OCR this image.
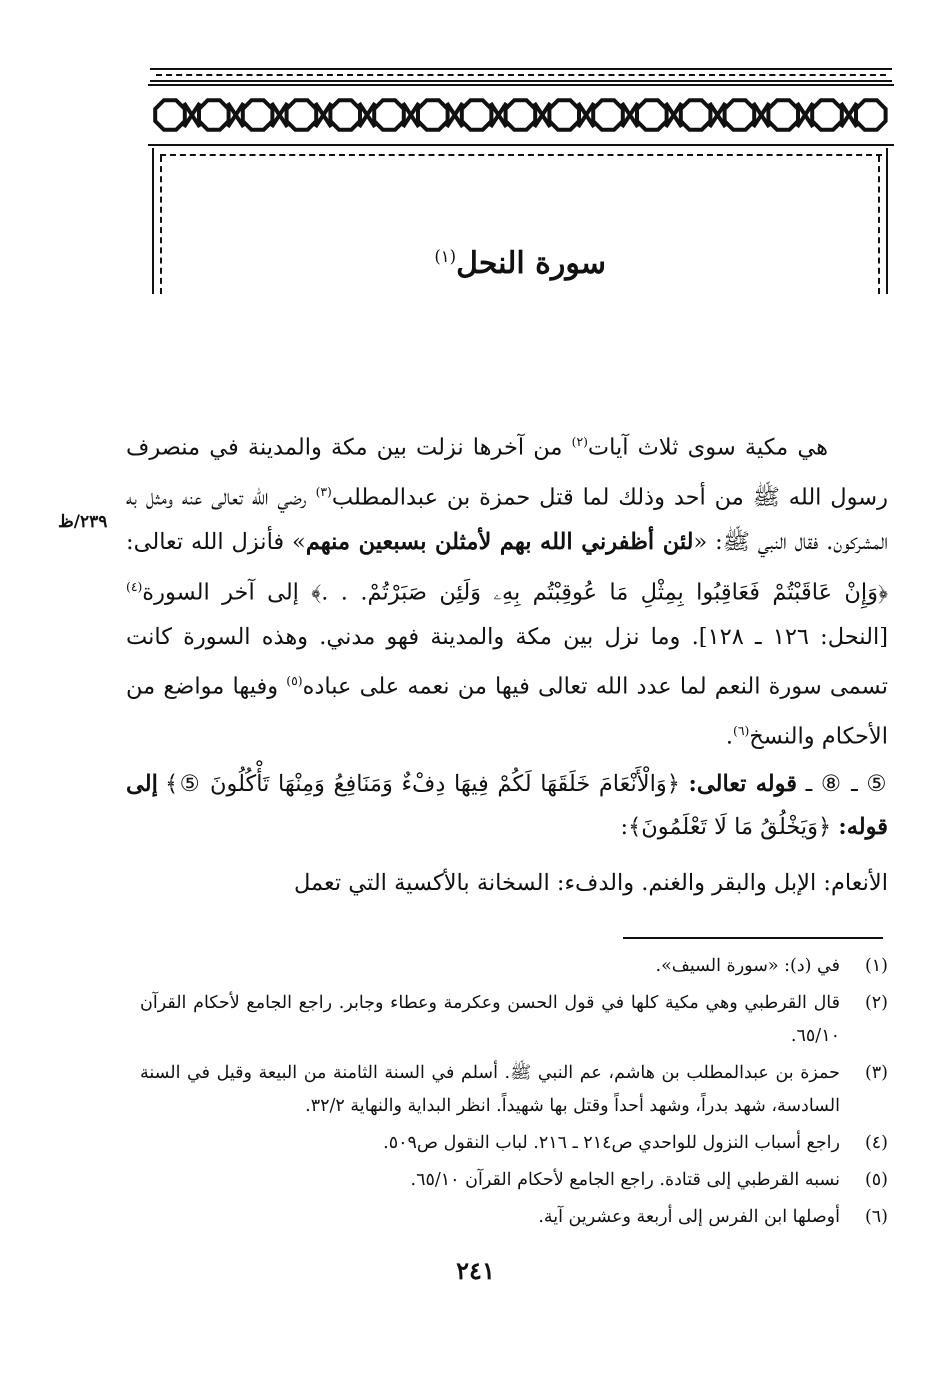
سورة النحل$^{(١)}$
٢٣٩/ظ

هي مكية سوى ثلاث آيات$^{(٢)}$ من آخرها نزلت بين مكة والمدينة في منصرف رسول الله ﷺ من أحد وذلك لما قتل حمزة بن عبدالمطلب$^{(٣)}$ رضي الله تعالى عنه ومثل به المشركون. فقال النبي ﷺ: «لئن أظفرني الله بهم لأمثلن بسبعين منهم» فأنزل الله تعالى: ﴿وَإِنْ عَاقَبْتُمْ فَعَاقِبُوا بِمِثْلِ مَا عُوقِبْتُم بِهِۦ وَلَئِن صَبَرْتُمْ. . .﴾ إلى آخر السورة$^{(٤)}$ [النحل: ١٢٦ ـ ١٢٨]. وما نزل بين مكة والمدينة فهو مدني. وهذه السورة كانت تسمى سورة النعم لما عدد الله تعالى فيها من نعمه على عباده$^{(٥)}$ وفيها مواضع من الأحكام والنسخ$^{(٦)}$.

⑤ ـ ⑧ ـ قوله تعالى: ﴿وَالْأَنْعَامَ خَلَقَهَا لَكُمْ فِيهَا دِفْءٌ وَمَنَافِعُ وَمِنْهَا تَأْكُلُونَ ⑤﴾ إلى قوله: ﴿وَيَخْلُقُ مَا لَا تَعْلَمُونَ﴾:

الأنعام: الإبل والبقر والغنم. والدفء: السخانة بالأكسية التي تعمل

(١)
في (د): «سورة السيف».
(٢)
قال القرطبي وهي مكية كلها في قول الحسن وعكرمة وعطاء وجابر. راجع الجامع لأحكام القرآن ٦٥/١٠.
(٣)
حمزة بن عبدالمطلب بن هاشم، عم النبي ﷺ. أسلم في السنة الثامنة من البيعة وقيل في السنة السادسة، شهد بدراً، وشهد أحداً وقتل بها شهيداً. انظر البداية والنهاية ٣٢/٢.
(٤)
راجع أسباب النزول للواحدي ص٢١٤ ـ ٢١٦. لباب النقول ص٥٠٩.
(٥)
نسبه القرطبي إلى قتادة. راجع الجامع لأحكام القرآن ٦٥/١٠.
(٦)
أوصلها ابن الفرس إلى أربعة وعشرين آية.
٢٤١
